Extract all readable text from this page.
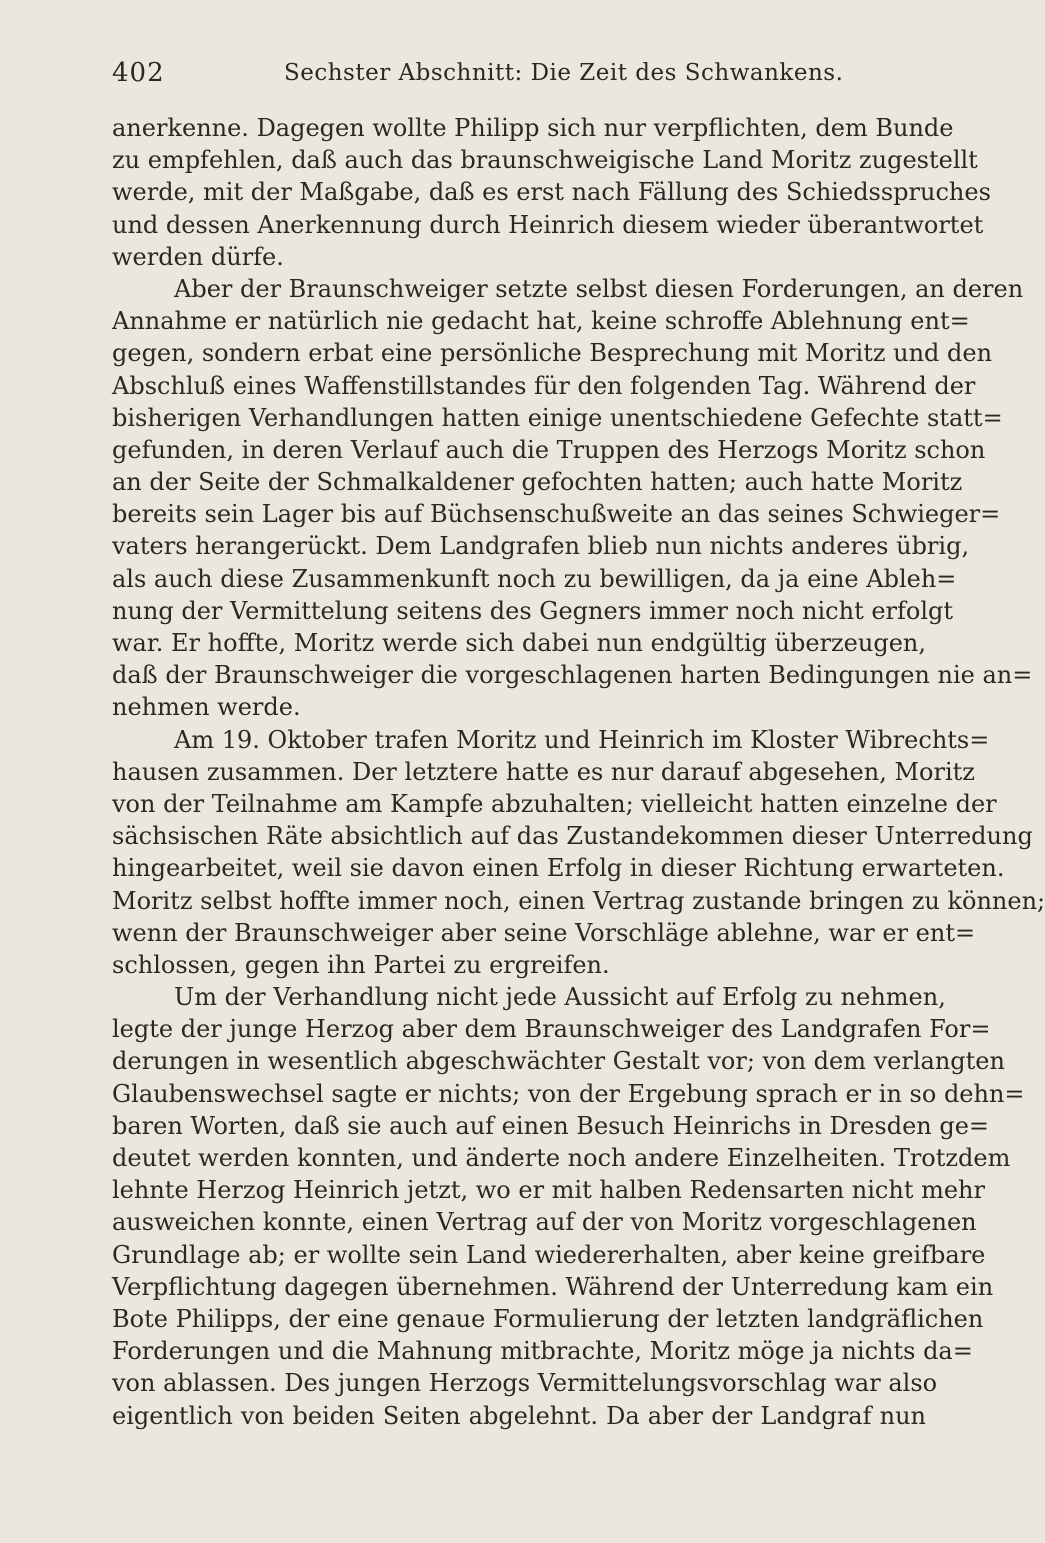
402	Sechster Abschnitt: Die Zeit des Schwankens.
anerkenne. Dagegen wollte Philipp sich nur verpflichten, dem Bunde
zu empfehlen, daß auch das braunschweigische Land Moritz zugestellt
werde, mit der Maßgabe, daß es erst nach Fällung des Schiedsspruches
und dessen Anerkennung durch Heinrich diesem wieder überantwortet
werden dürfe.
Aber der Braunschweiger setzte selbst diesen Forderungen, an deren
Annahme er natürlich nie gedacht hat, keine schroffe Ablehnung ent=
gegen, sondern erbat eine persönliche Besprechung mit Moritz und den
Abschluß eines Waffenstillstandes für den folgenden Tag. Während der
bisherigen Verhandlungen hatten einige unentschiedene Gefechte statt=
gefunden, in deren Verlauf auch die Truppen des Herzogs Moritz schon
an der Seite der Schmalkaldener gefochten hatten; auch hatte Moritz
bereits sein Lager bis auf Büchsenschußweite an das seines Schwieger=
vaters herangerückt. Dem Landgrafen blieb nun nichts anderes übrig,
als auch diese Zusammenkunft noch zu bewilligen, da ja eine Ableh=
nung der Vermittelung seitens des Gegners immer noch nicht erfolgt
war. Er hoffte, Moritz werde sich dabei nun endgültig überzeugen,
daß der Braunschweiger die vorgeschlagenen harten Bedingungen nie an=
nehmen werde.
Am 19. Oktober trafen Moritz und Heinrich im Kloster Wibrechts=
hausen zusammen. Der letztere hatte es nur darauf abgesehen, Moritz
von der Teilnahme am Kampfe abzuhalten; vielleicht hatten einzelne der
sächsischen Räte absichtlich auf das Zustandekommen dieser Unterredung
hingearbeitet, weil sie davon einen Erfolg in dieser Richtung erwarteten.
Moritz selbst hoffte immer noch, einen Vertrag zustande bringen zu können;
wenn der Braunschweiger aber seine Vorschläge ablehne, war er ent=
schlossen, gegen ihn Partei zu ergreifen.
Um der Verhandlung nicht jede Aussicht auf Erfolg zu nehmen,
legte der junge Herzog aber dem Braunschweiger des Landgrafen For=
derungen in wesentlich abgeschwächter Gestalt vor; von dem verlangten
Glaubenswechsel sagte er nichts; von der Ergebung sprach er in so dehn=
baren Worten, daß sie auch auf einen Besuch Heinrichs in Dresden ge=
deutet werden konnten, und änderte noch andere Einzelheiten. Trotzdem
lehnte Herzog Heinrich jetzt, wo er mit halben Redensarten nicht mehr
ausweichen konnte, einen Vertrag auf der von Moritz vorgeschlagenen
Grundlage ab; er wollte sein Land wiedererhalten, aber keine greifbare
Verpflichtung dagegen übernehmen. Während der Unterredung kam ein
Bote Philipps, der eine genaue Formulierung der letzten landgräflichen
Forderungen und die Mahnung mitbrachte, Moritz möge ja nichts da=
von ablassen. Des jungen Herzogs Vermittelungsvorschlag war also
eigentlich von beiden Seiten abgelehnt. Da aber der Landgraf nun
